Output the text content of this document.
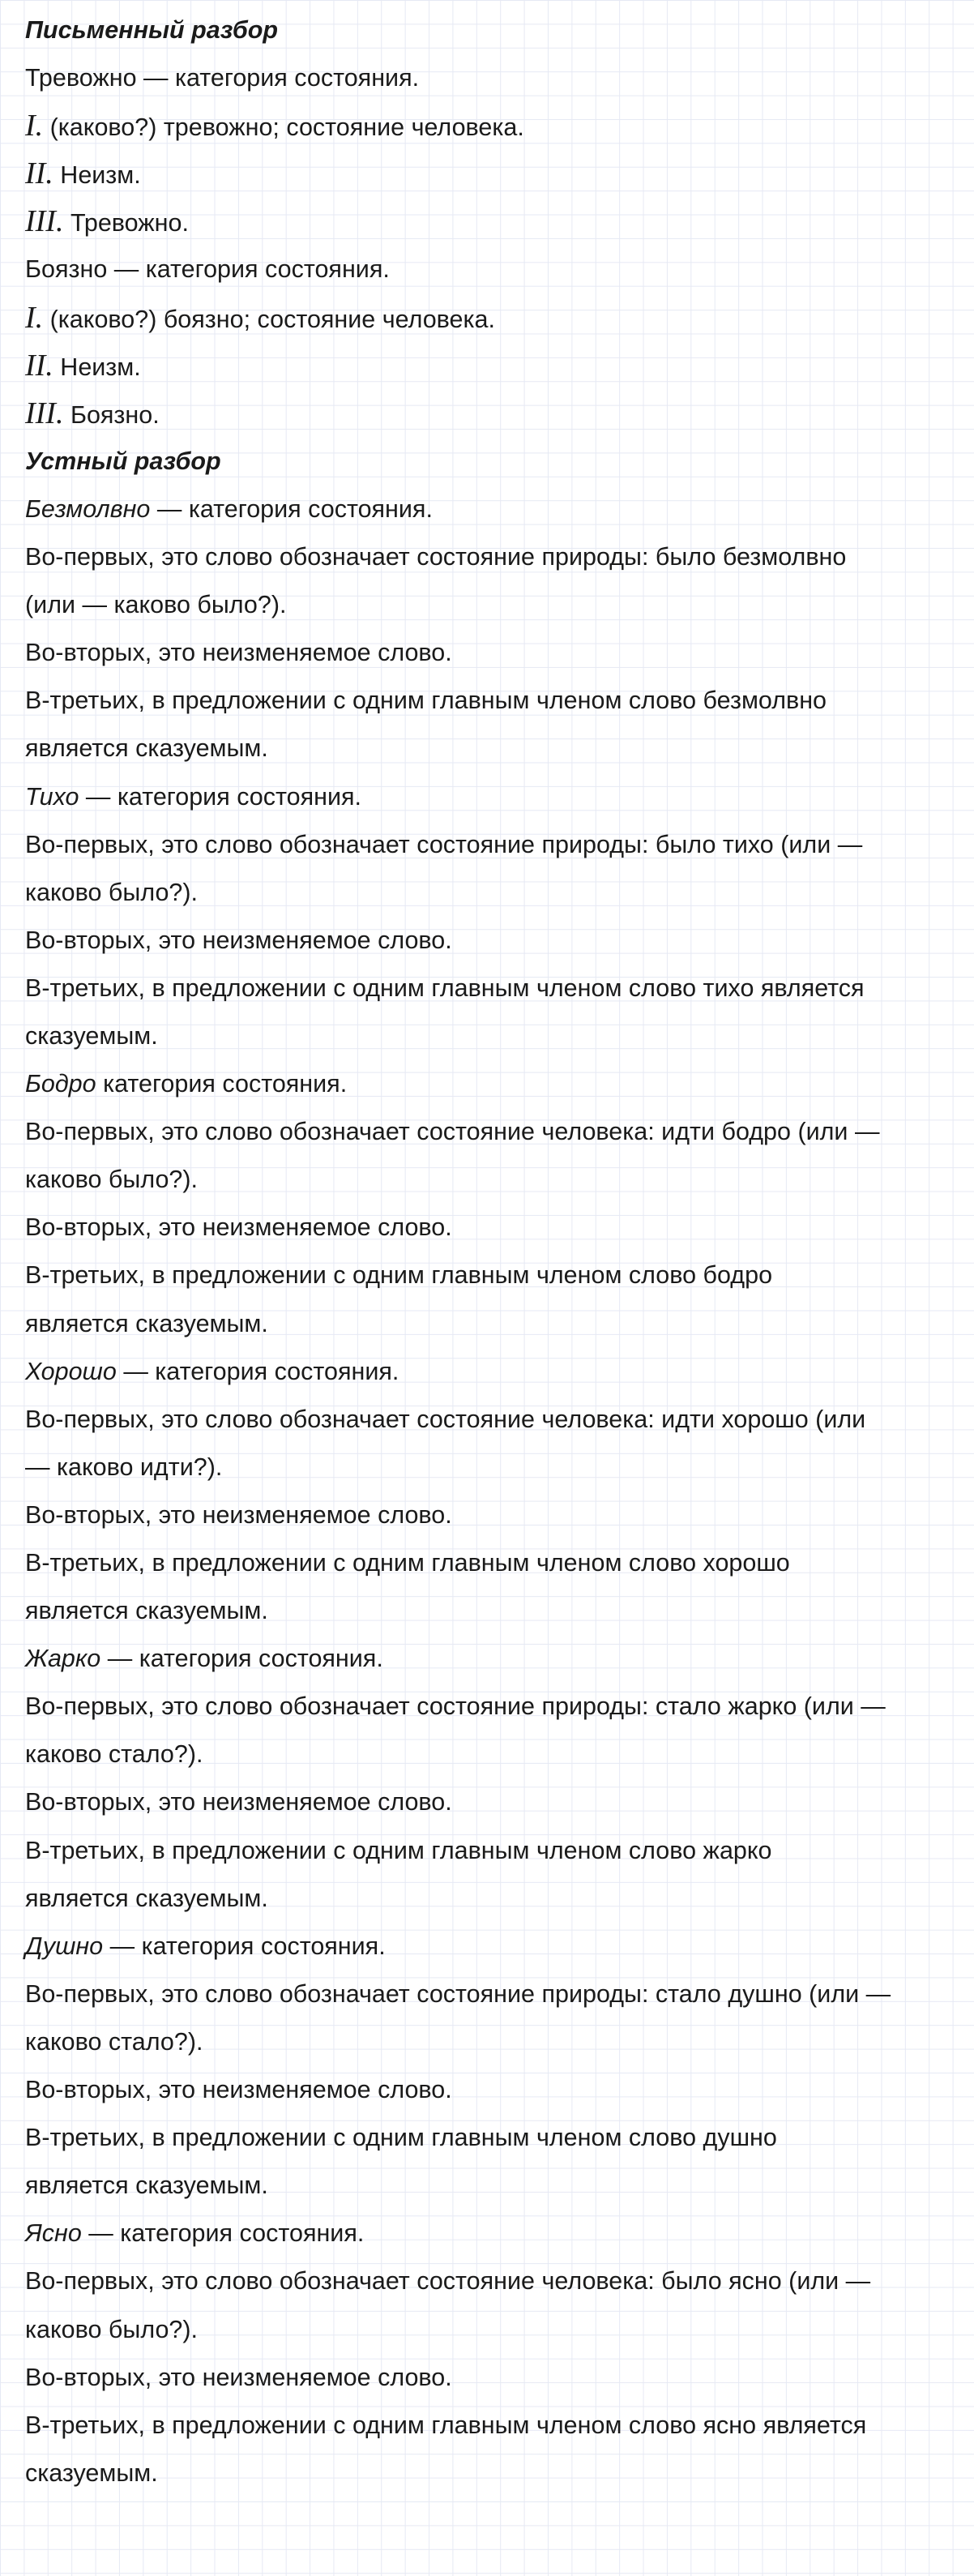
Письменный разбор

Тревожно — категория состояния.

I. (каково?) тревожно; состояние человека.

II. Неизм.

III. Тревожно.

Боязно — категория состояния.

I. (каково?) боязно; состояние человека.

II. Неизм.

III. Боязно.

Устный разбор

Безмолвно — категория состояния.

Во-первых, это слово обозначает состояние природы: было безмолвно

(или — каково было?).

Во-вторых, это неизменяемое слово.

В-третьих, в предложении с одним главным членом слово безмолвно

является сказуемым.

Тихо — категория состояния.

Во-первых, это слово обозначает состояние природы: было тихо (или —

каково было?).

Во-вторых, это неизменяемое слово.

В-третьих, в предложении с одним главным членом слово тихо является

сказуемым.

Бодро категория состояния.

Во-первых, это слово обозначает состояние человека: идти бодро (или —

каково было?).

Во-вторых, это неизменяемое слово.

В-третьих, в предложении с одним главным членом слово бодро

является сказуемым.

Хорошо — категория состояния.

Во-первых, это слово обозначает состояние человека: идти хорошо (или

— каково идти?).

Во-вторых, это неизменяемое слово.

В-третьих, в предложении с одним главным членом слово хорошо

является сказуемым.

Жарко — категория состояния.

Во-первых, это слово обозначает состояние природы: стало жарко (или —

каково стало?).

Во-вторых, это неизменяемое слово.

В-третьих, в предложении с одним главным членом слово жарко

является сказуемым.

Душно — категория состояния.

Во-первых, это слово обозначает состояние природы: стало душно (или —

каково стало?).

Во-вторых, это неизменяемое слово.

В-третьих, в предложении с одним главным членом слово душно

является сказуемым.

Ясно — категория состояния.

Во-первых, это слово обозначает состояние человека: было ясно (или —

каково было?).

Во-вторых, это неизменяемое слово.

В-третьих, в предложении с одним главным членом слово ясно является

сказуемым.
